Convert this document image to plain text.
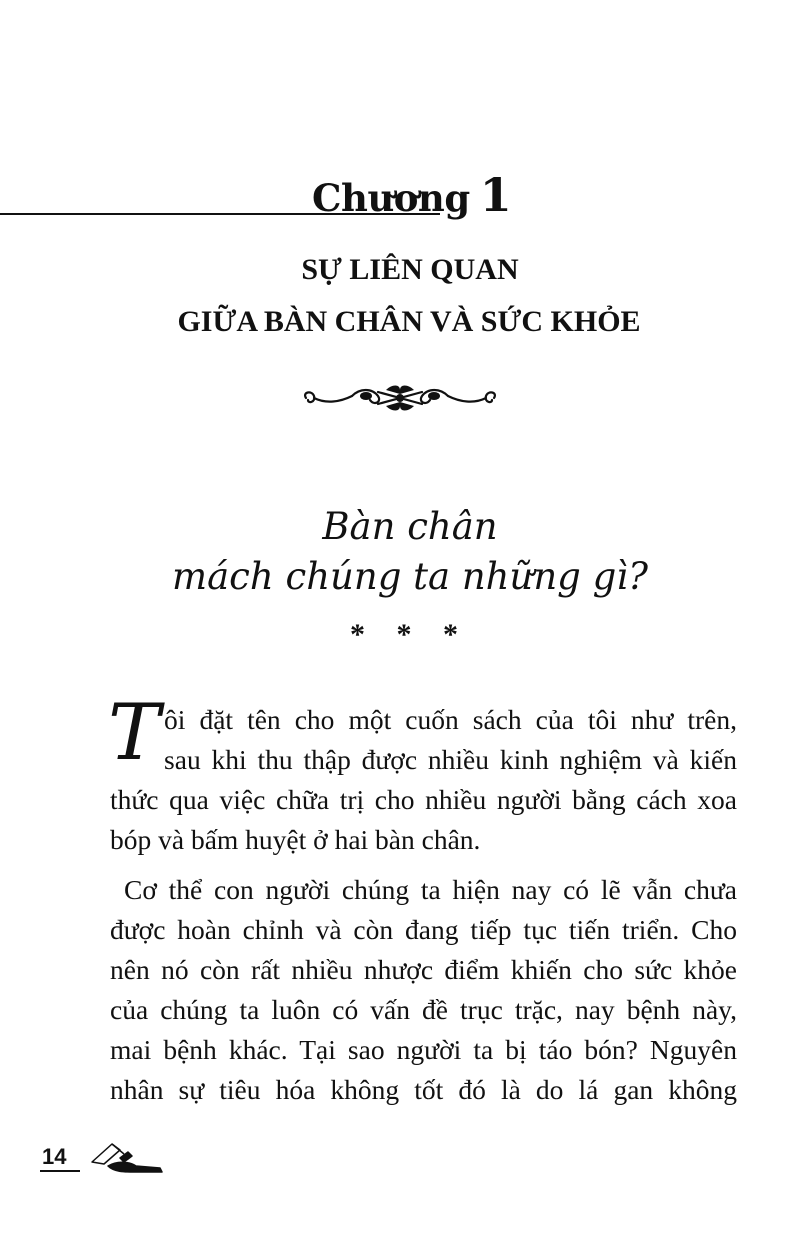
Chương 1
SỰ LIÊN QUAN
GIỮA BÀN CHÂN VÀ SỨC KHỎE
Bàn chân
mách chúng ta những gì?
* * *
T ôi đặt tên cho một cuốn sách của tôi như trên,

sau khi thu thập được nhiều kinh nghiệm và kiến

thức qua việc chữa trị cho nhiều người bằng cách xoa

bóp và bấm huyệt ở hai bàn chân.

Cơ thể con người chúng ta hiện nay có lẽ vẫn chưa

được hoàn chỉnh và còn đang tiếp tục tiến triển. Cho

nên nó còn rất nhiều nhược điểm khiến cho sức khỏe

của chúng ta luôn có vấn đề trục trặc, nay bệnh này,

mai bệnh khác. Tại sao người ta bị táo bón? Nguyên

nhân sự tiêu hóa không tốt đó là do lá gan không

14
